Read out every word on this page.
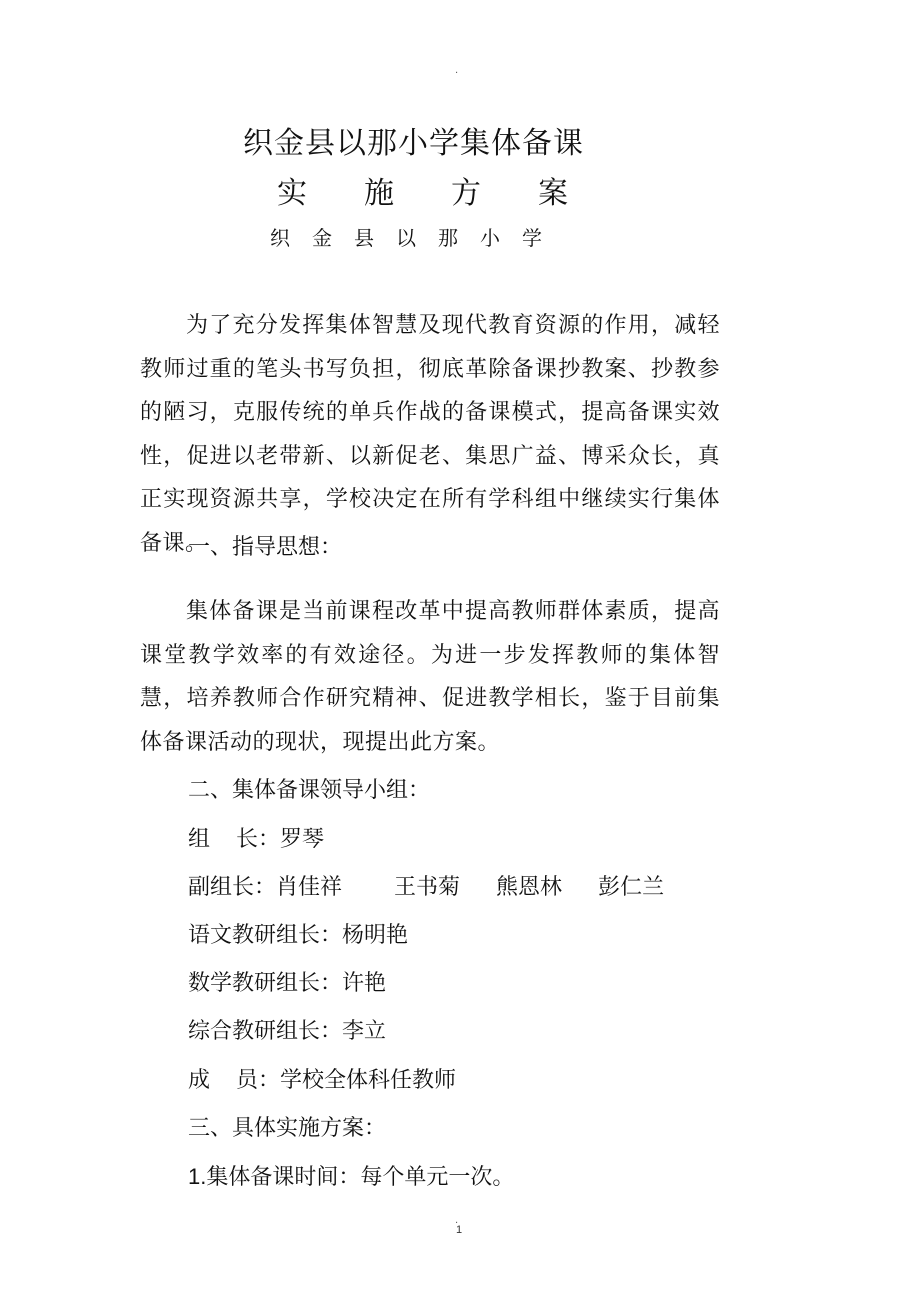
.
织金县以那小学集体备课
实施方案
织金县以那小学

为了充分发挥集体智慧及现代教育资源的作用，减轻教师过重的笔头书写负担，彻底革除备课抄教案、抄教参的陋习，克服传统的单兵作战的备课模式，提高备课实效性，促进以老带新、以新促老、集思广益、博采众长，真正实现资源共享，学校决定在所有学科组中继续实行集体备课。

一、指导思想：

集体备课是当前课程改革中提高教师群体素质，提高课堂教学效率的有效途径。为进一步发挥教师的集体智慧，培养教师合作研究精神、促进教学相长，鉴于目前集体备课活动的现状，现提出此方案。

二、集体备课领导小组：
组 长：罗琴
副组长：肖佳祥 王书菊 熊恩林 彭仁兰
语文教研组长：杨明艳
数学教研组长：许艳
综合教研组长：李立
成 员：学校全体科任教师
三、具体实施方案：
1.集体备课时间：每个单元一次。
.
1
